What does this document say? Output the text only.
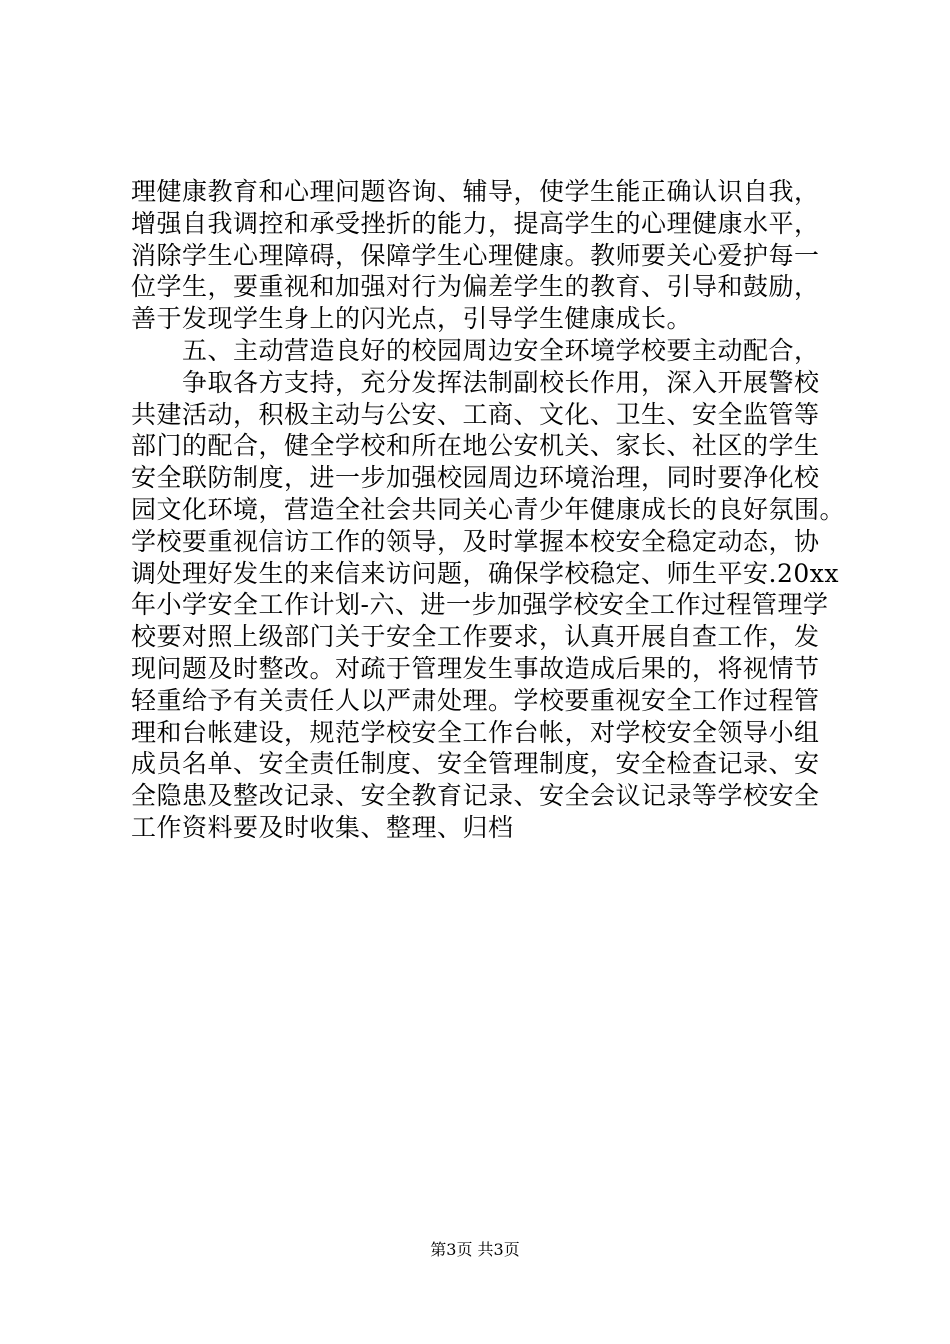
理健康教育和心理问题咨询、辅导，使学生能正确认识自我，
增强自我调控和承受挫折的能力，提高学生的心理健康水平，
消除学生心理障碍，保障学生心理健康。教师要关心爱护每一
位学生，要重视和加强对行为偏差学生的教育、引导和鼓励，
善于发现学生身上的闪光点，引导学生健康成长。
　　五、主动营造良好的校园周边安全环境学校要主动配合，
　　争取各方支持，充分发挥法制副校长作用，深入开展警校
共建活动，积极主动与公安、工商、文化、卫生、安全监管等
部门的配合，健全学校和所在地公安机关、家长、社区的学生
安全联防制度，进一步加强校园周边环境治理，同时要净化校
园文化环境，营造全社会共同关心青少年健康成长的良好氛围。
学校要重视信访工作的领导，及时掌握本校安全稳定动态，协
调处理好发生的来信来访问题，确保学校稳定、师生平安.20xx
年小学安全工作计划-六、进一步加强学校安全工作过程管理学
校要对照上级部门关于安全工作要求，认真开展自查工作，发
现问题及时整改。对疏于管理发生事故造成后果的，将视情节
轻重给予有关责任人以严肃处理。学校要重视安全工作过程管
理和台帐建设，规范学校安全工作台帐，对学校安全领导小组
成员名单、安全责任制度、安全管理制度，安全检查记录、安
全隐患及整改记录、安全教育记录、安全会议记录等学校安全
工作资料要及时收集、整理、归档
第3页 共3页
